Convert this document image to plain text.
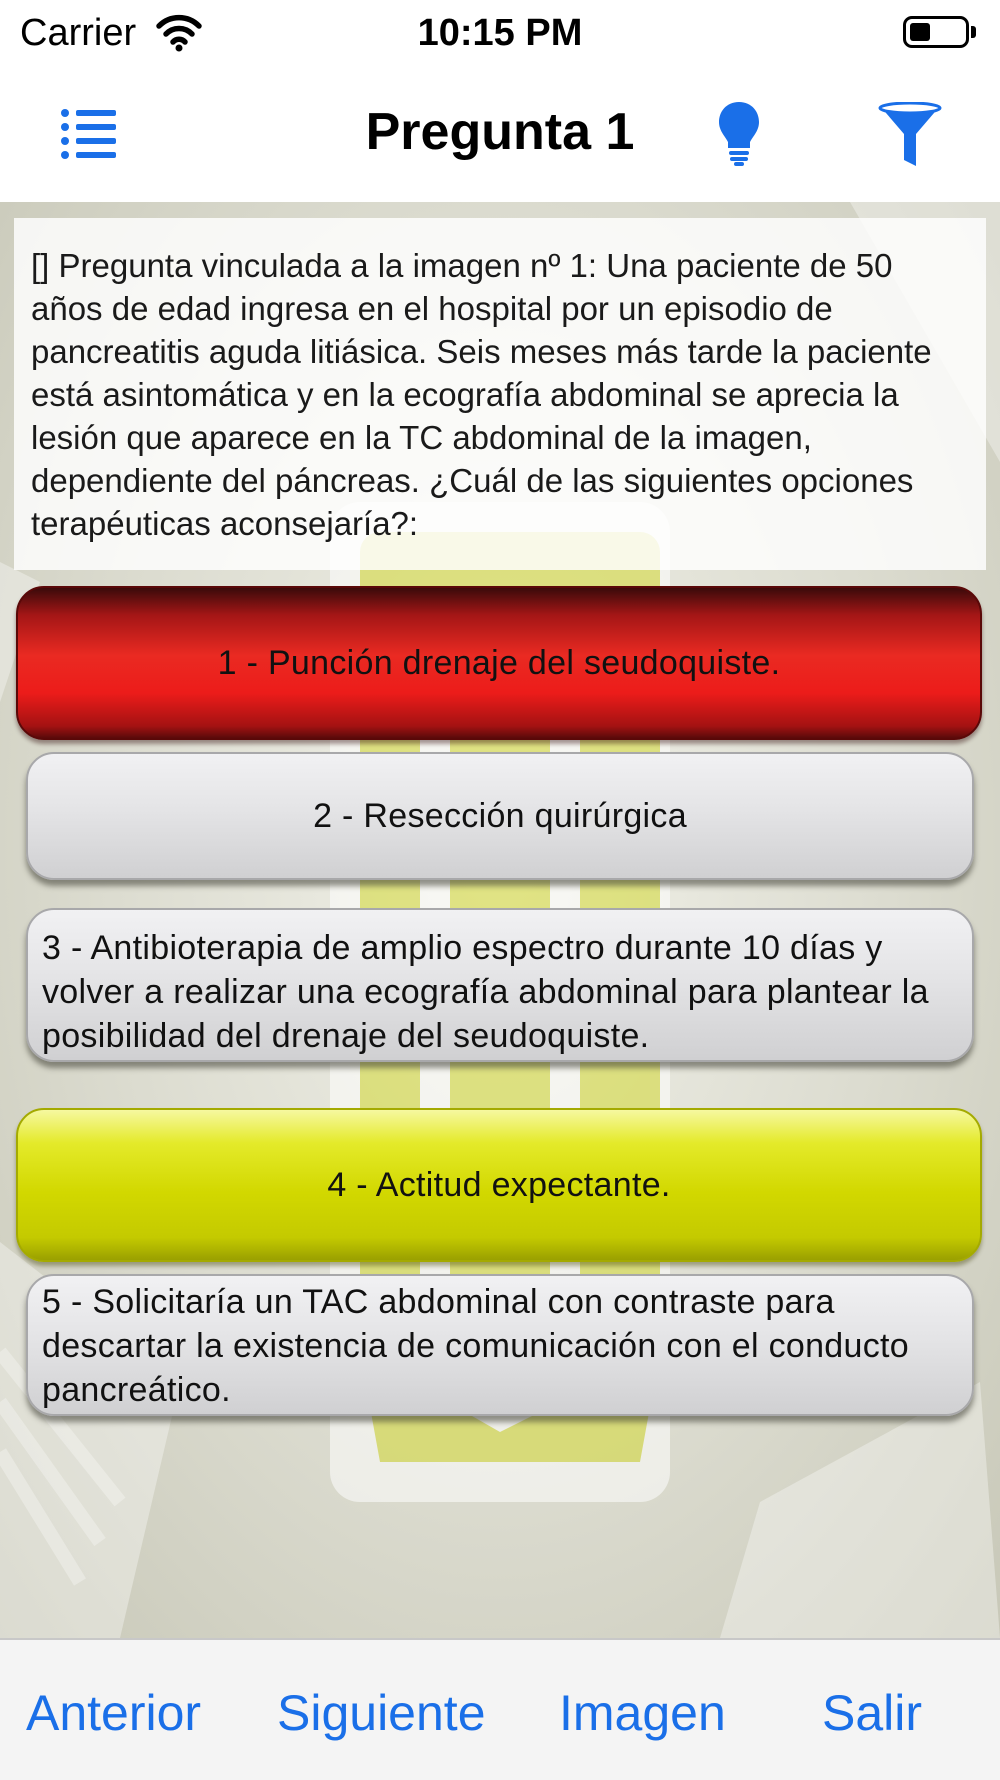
Carrier	10:15 PM
Pregunta 1

[] Pregunta vinculada a la imagen nº 1: Una paciente de 50 años de edad ingresa en el hospital por un episodio de pancreatitis aguda litiásica. Seis meses más tarde la paciente está asintomática y en la ecografía abdominal se aprecia la lesión que aparece en la TC abdominal de la imagen, dependiente del páncreas. ¿Cuál de las siguientes opciones terapéuticas aconsejaría?:

1 - Punción drenaje del seudoquiste.
2 - Resección quirúrgica
3 - Antibioterapia de amplio espectro durante 10 días y volver a realizar una ecografía abdominal para plantear la posibilidad del drenaje del seudoquiste.
4 - Actitud expectante.
5 - Solicitaría un TAC abdominal con contraste para descartar la existencia de comunicación con el conducto pancreático.
Anterior Siguiente Imagen Salir
